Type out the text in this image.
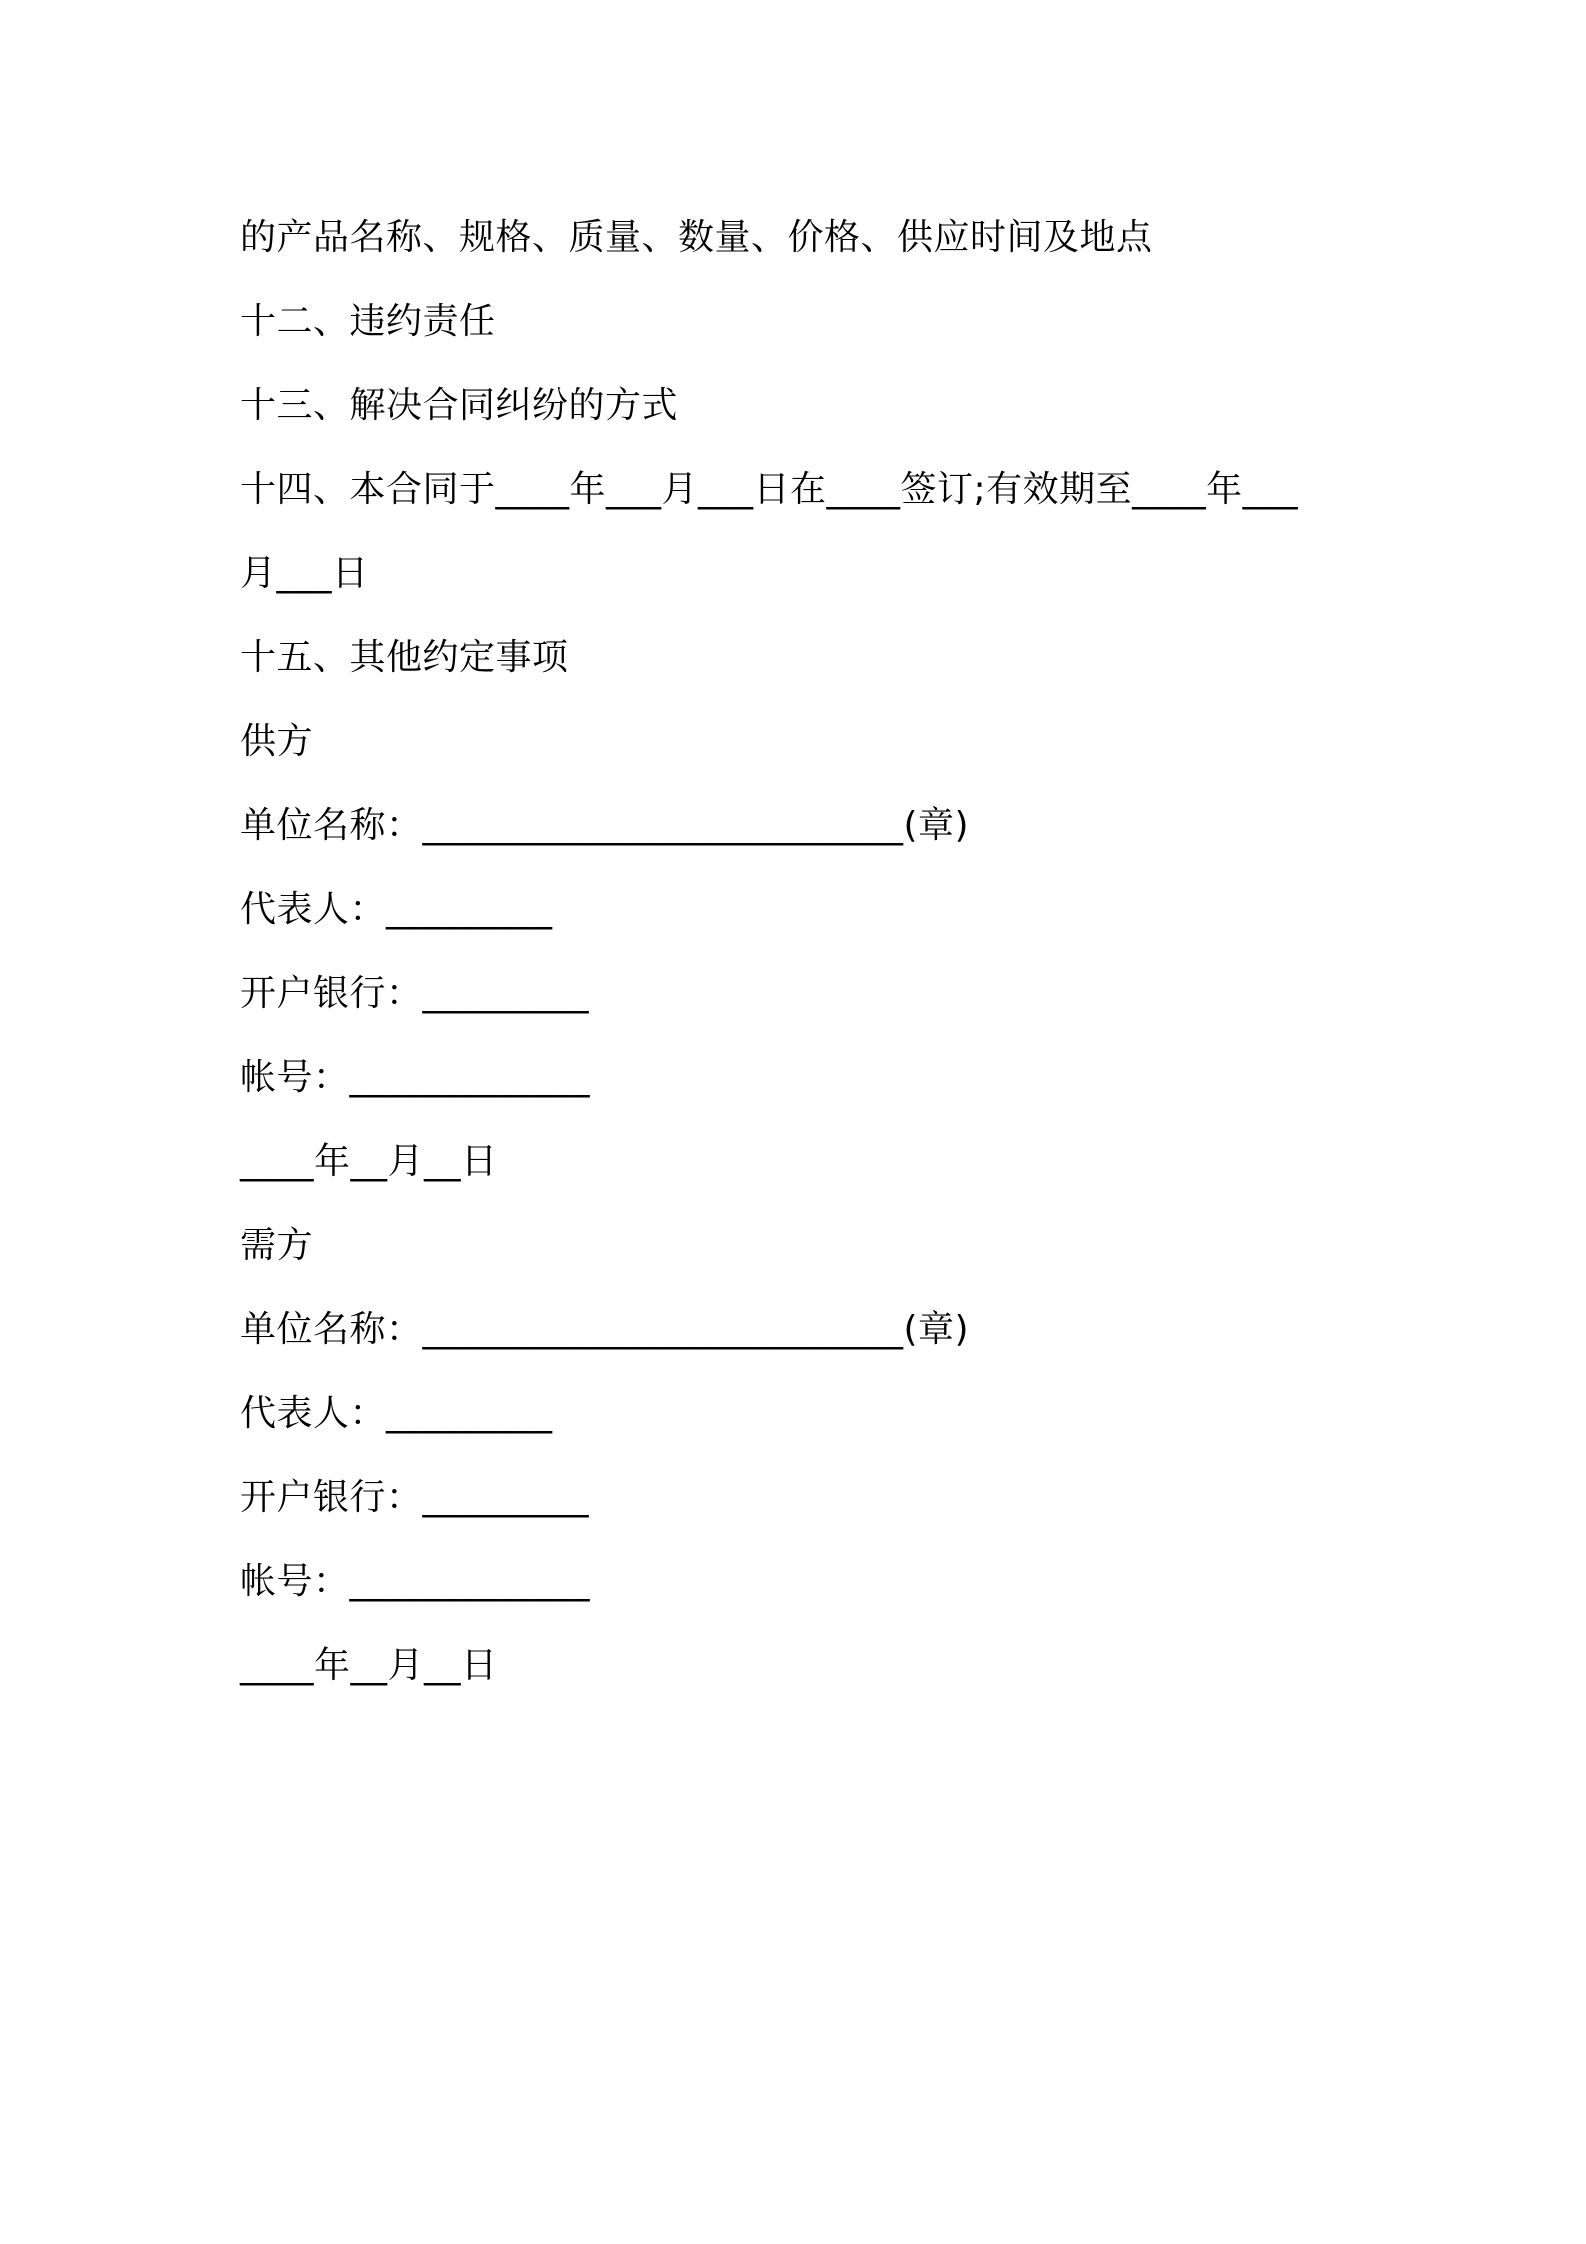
的产品名称、规格、质量、数量、价格、供应时间及地点
十二、违约责任
十三、解决合同纠纷的方式
十四、本合同于____年___月___日在____签订;有效期至____年___
月___日
十五、其他约定事项
供方
单位名称：__________________________(章)
代表人：_________
开户银行：_________
帐号：_____________
____年__月__日
需方
单位名称：__________________________(章)
代表人：_________
开户银行：_________
帐号：_____________
____年__月__日
